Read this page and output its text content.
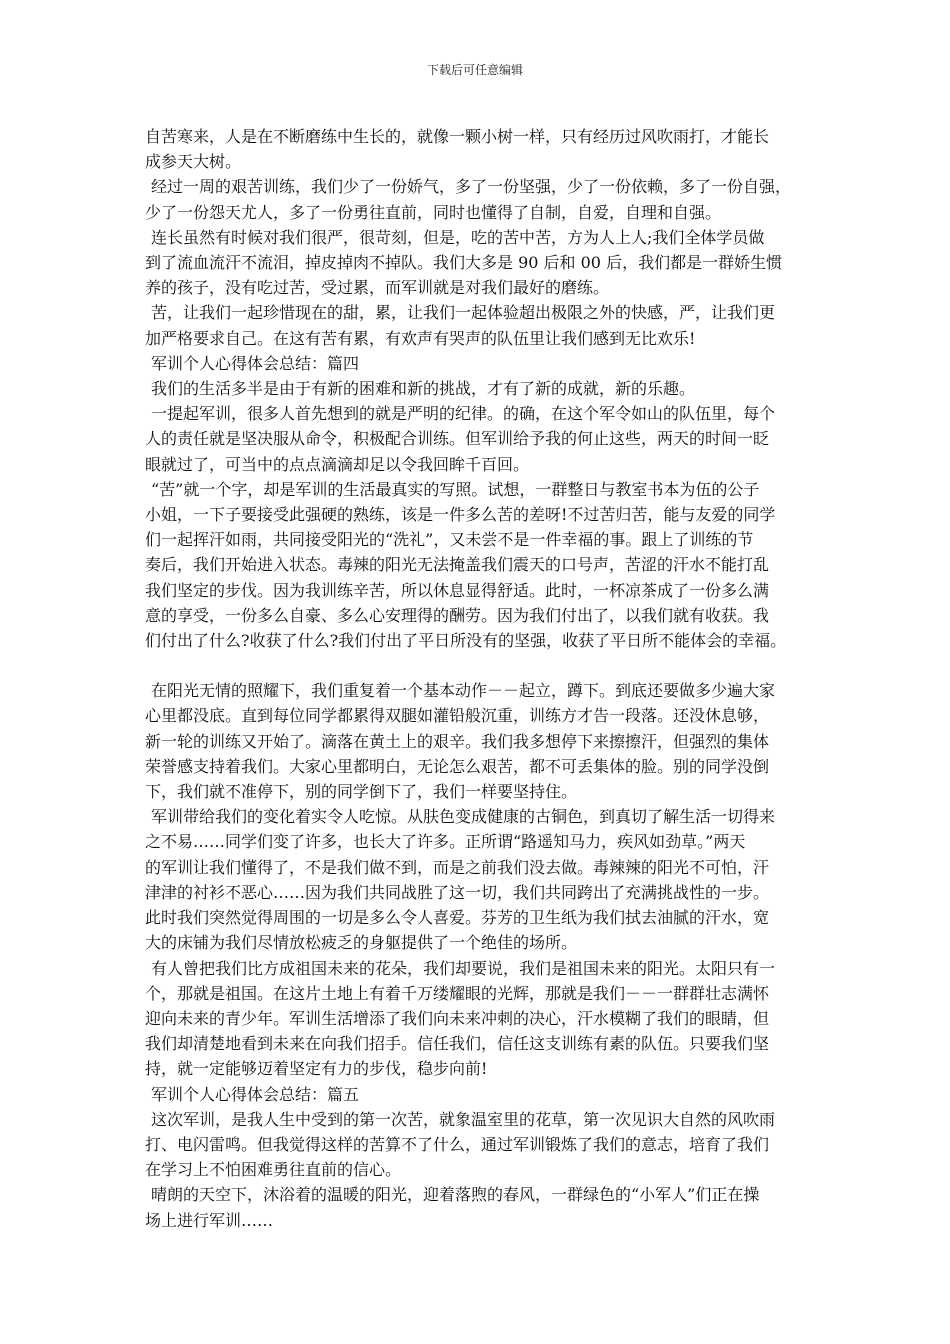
下载后可任意编辑
自苦寒来，人是在不断磨练中生长的，就像一颗小树一样，只有经历过风吹雨打，才能长
成参天大树。
经过一周的艰苦训练，我们少了一份娇气，多了一份坚强，少了一份依赖，多了一份自强，
少了一份怨天尤人，多了一份勇往直前，同时也懂得了自制，自爱，自理和自强。
连长虽然有时候对我们很严，很苛刻，但是，吃的苦中苦，方为人上人;我们全体学员做
到了流血流汗不流泪，掉皮掉肉不掉队。我们大多是 90 后和 00 后，我们都是一群娇生惯
养的孩子，没有吃过苦，受过累，而军训就是对我们最好的磨练。
苦，让我们一起珍惜现在的甜，累，让我们一起体验超出极限之外的快感，严，让我们更
加严格要求自己。在这有苦有累，有欢声有哭声的队伍里让我们感到无比欢乐!
军训个人心得体会总结：篇四
我们的生活多半是由于有新的困难和新的挑战，才有了新的成就，新的乐趣。
一提起军训，很多人首先想到的就是严明的纪律。的确，在这个军令如山的队伍里，每个
人的责任就是坚决服从命令，积极配合训练。但军训给予我的何止这些，两天的时间一眨
眼就过了，可当中的点点滴滴却足以令我回眸千百回。
“苦”就一个字，却是军训的生活最真实的写照。试想，一群整日与教室书本为伍的公子
小姐，一下子要接受此强硬的熟练，该是一件多么苦的差呀!不过苦归苦，能与友爱的同学
们一起挥汗如雨，共同接受阳光的“洗礼”，又未尝不是一件幸福的事。跟上了训练的节
奏后，我们开始进入状态。毒辣的阳光无法掩盖我们震天的口号声，苦涩的汗水不能打乱
我们坚定的步伐。因为我训练辛苦，所以休息显得舒适。此时，一杯凉茶成了一份多么满
意的享受，一份多么自豪、多么心安理得的酬劳。因为我们付出了，以我们就有收获。我
们付出了什么?收获了什么?我们付出了平日所没有的坚强，收获了平日所不能体会的幸福。
在阳光无情的照耀下，我们重复着一个基本动作－－起立，蹲下。到底还要做多少遍大家
心里都没底。直到每位同学都累得双腿如灌铅般沉重，训练方才告一段落。还没休息够，
新一轮的训练又开始了。滴落在黄土上的艰辛。我们我多想停下来擦擦汗，但强烈的集体
荣誉感支持着我们。大家心里都明白，无论怎么艰苦，都不可丢集体的脸。别的同学没倒
下，我们就不准停下，别的同学倒下了，我们一样要坚持住。
军训带给我们的变化着实令人吃惊。从肤色变成健康的古铜色，到真切了解生活一切得来
之不易……同学们变了许多，也长大了许多。正所谓“路遥知马力，疾风如劲草。”两天
的军训让我们懂得了，不是我们做不到，而是之前我们没去做。毒辣辣的阳光不可怕，汗
津津的衬衫不恶心……因为我们共同战胜了这一切，我们共同跨出了充满挑战性的一步。
此时我们突然觉得周围的一切是多么令人喜爱。芬芳的卫生纸为我们拭去油腻的汗水，宽
大的床铺为我们尽情放松疲乏的身躯提供了一个绝佳的场所。
有人曾把我们比方成祖国未来的花朵，我们却要说，我们是祖国未来的阳光。太阳只有一
个，那就是祖国。在这片土地上有着千万缕耀眼的光辉，那就是我们－－一群群壮志满怀
迎向未来的青少年。军训生活增添了我们向未来冲刺的决心，汗水模糊了我们的眼睛，但
我们却清楚地看到未来在向我们招手。信任我们，信任这支训练有素的队伍。只要我们坚
持，就一定能够迈着坚定有力的步伐，稳步向前!
军训个人心得体会总结：篇五
这次军训，是我人生中受到的第一次苦，就象温室里的花草，第一次见识大自然的风吹雨
打、电闪雷鸣。但我觉得这样的苦算不了什么，通过军训锻炼了我们的意志，培育了我们
在学习上不怕困难勇往直前的信心。
晴朗的天空下，沐浴着的温暖的阳光，迎着落煦的春风，一群绿色的“小军人”们正在操
场上进行军训……
